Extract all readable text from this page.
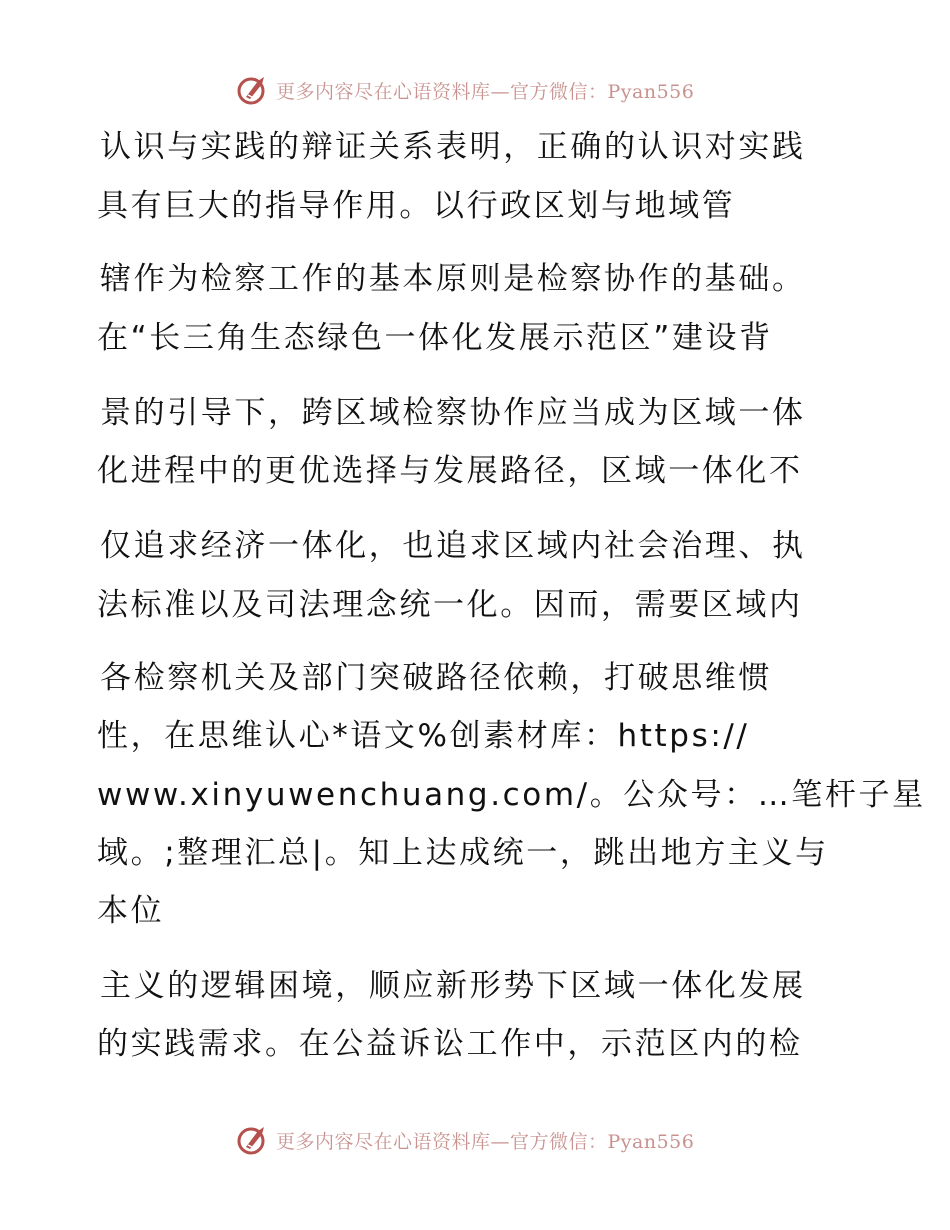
更多内容尽在心语资料库—官方微信：Pyan556

认识与实践的辩证关系表明，正确的认识对实践

具有巨大的指导作用。以行政区划与地域管

辖作为检察工作的基本原则是检察协作的基础。

在“长三角生态绿色一体化发展示范区”建设背

景的引导下，跨区域检察协作应当成为区域一体

化进程中的更优选择与发展路径，区域一体化不

仅追求经济一体化，也追求区域内社会治理、执

法标准以及司法理念统一化。因而，需要区域内

各检察机关及部门突破路径依赖，打破思维惯

性，在思维认心*语文%创素材库：https://

www.xinyuwenchuang.com/。公众号：…笔杆子星

域。;整理汇总|。知上达成统一，跳出地方主义与

本位

主义的逻辑困境，顺应新形势下区域一体化发展

的实践需求。在公益诉讼工作中，示范区内的检

更多内容尽在心语资料库—官方微信：Pyan556
